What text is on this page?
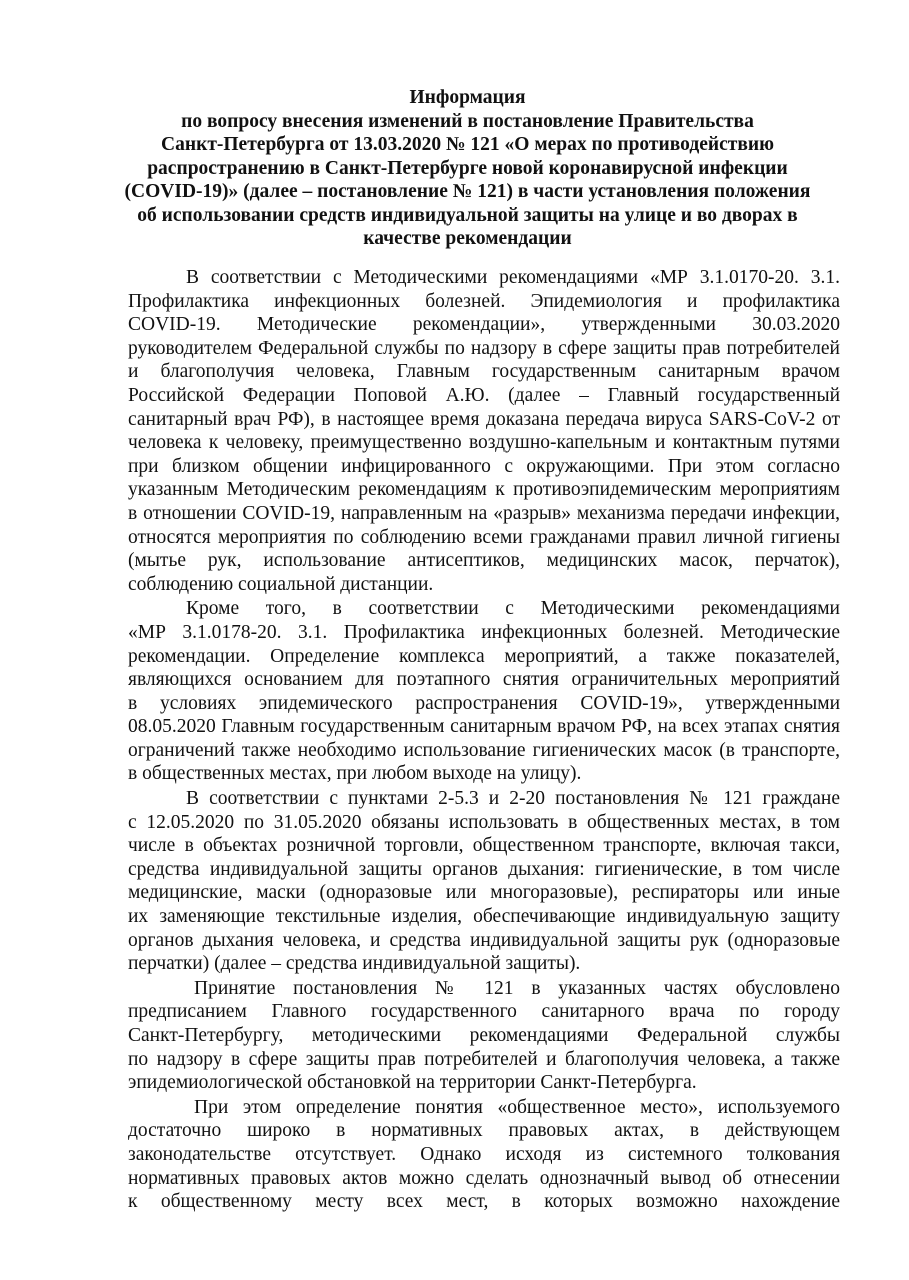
Информация
по вопросу внесения изменений в постановление Правительства
Санкт-Петербурга от 13.03.2020 № 121 «О мерах по противодействию
распространению в Санкт-Петербурге новой коронавирусной инфекции
(COVID-19)» (далее – постановление № 121) в части установления положения
об использовании средств индивидуальной защиты на улице и во дворах в
качестве рекомендации
В соответствии с Методическими рекомендациями «МР 3.1.0170-20. 3.1.
Профилактика инфекционных болезней. Эпидемиология и профилактика
COVID-19. Методические рекомендации», утвержденными 30.03.2020
руководителем Федеральной службы по надзору в сфере защиты прав потребителей
и благополучия человека, Главным государственным санитарным врачом
Российской Федерации Поповой А.Ю. (далее – Главный государственный
санитарный врач РФ), в настоящее время доказана передача вируса SARS-CoV-2 от
человека к человеку, преимущественно воздушно-капельным и контактным путями
при близком общении инфицированного с окружающими. При этом согласно
указанным Методическим рекомендациям к противоэпидемическим мероприятиям
в отношении COVID-19, направленным на «разрыв» механизма передачи инфекции,
относятся мероприятия по соблюдению всеми гражданами правил личной гигиены
(мытье рук, использование антисептиков, медицинских масок, перчаток),
соблюдению социальной дистанции.
Кроме того, в соответствии с Методическими рекомендациями
«МР 3.1.0178-20. 3.1. Профилактика инфекционных болезней. Методические
рекомендации. Определение комплекса мероприятий, а также показателей,
являющихся основанием для поэтапного снятия ограничительных мероприятий
в условиях эпидемического распространения COVID-19», утвержденными
08.05.2020 Главным государственным санитарным врачом РФ, на всех этапах снятия
ограничений также необходимо использование гигиенических масок (в транспорте,
в общественных местах, при любом выходе на улицу).
В соответствии с пунктами 2-5.3 и 2-20 постановления № 121 граждане
с 12.05.2020 по 31.05.2020 обязаны использовать в общественных местах, в том
числе в объектах розничной торговли, общественном транспорте, включая такси,
средства индивидуальной защиты органов дыхания: гигиенические, в том числе
медицинские, маски (одноразовые или многоразовые), респираторы или иные
их заменяющие текстильные изделия, обеспечивающие индивидуальную защиту
органов дыхания человека, и средства индивидуальной защиты рук (одноразовые
перчатки) (далее – средства индивидуальной защиты).
Принятие постановления № 121 в указанных частях обусловлено
предписанием Главного государственного санитарного врача по городу
Санкт-Петербургу, методическими рекомендациями Федеральной службы
по надзору в сфере защиты прав потребителей и благополучия человека, а также
эпидемиологической обстановкой на территории Санкт-Петербурга.
При этом определение понятия «общественное место», используемого
достаточно широко в нормативных правовых актах, в действующем
законодательстве отсутствует. Однако исходя из системного толкования
нормативных правовых актов можно сделать однозначный вывод об отнесении
к общественному месту всех мест, в которых возможно нахождение
